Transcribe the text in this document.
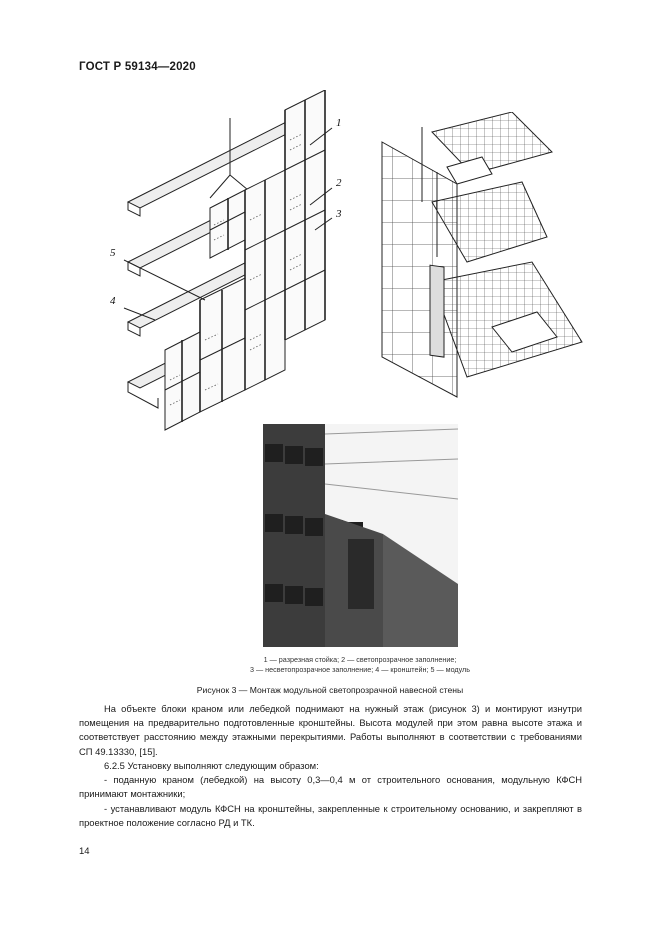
ГОСТ Р 59134—2020
1
2
3
5
4
1 — разрезная стойка; 2 — светопрозрачное заполнение;
3 — несветопрозрачное заполнение; 4 — кронштейн; 5 — модуль
Рисунок 3 — Монтаж модульной светопрозрачной навесной стены
На объекте блоки краном или лебедкой поднимают на нужный этаж (рисунок 3) и монтируют изнутри помещения на предварительно подготовленные кронштейны. Высота модулей при этом равна высоте этажа и соответствует расстоянию между этажными перекрытиями. Работы выполняют в соответствии с требованиями СП 49.13330, [15].
6.2.5 Установку выполняют следующим образом:
- поданную краном (лебедкой) на высоту 0,3—0,4 м от строительного основания, модульную КФСН принимают монтажники;
- устанавливают модуль КФСН на кронштейны, закрепленные к строительному основанию, и закрепляют в проектное положение согласно РД и ТК.
14
